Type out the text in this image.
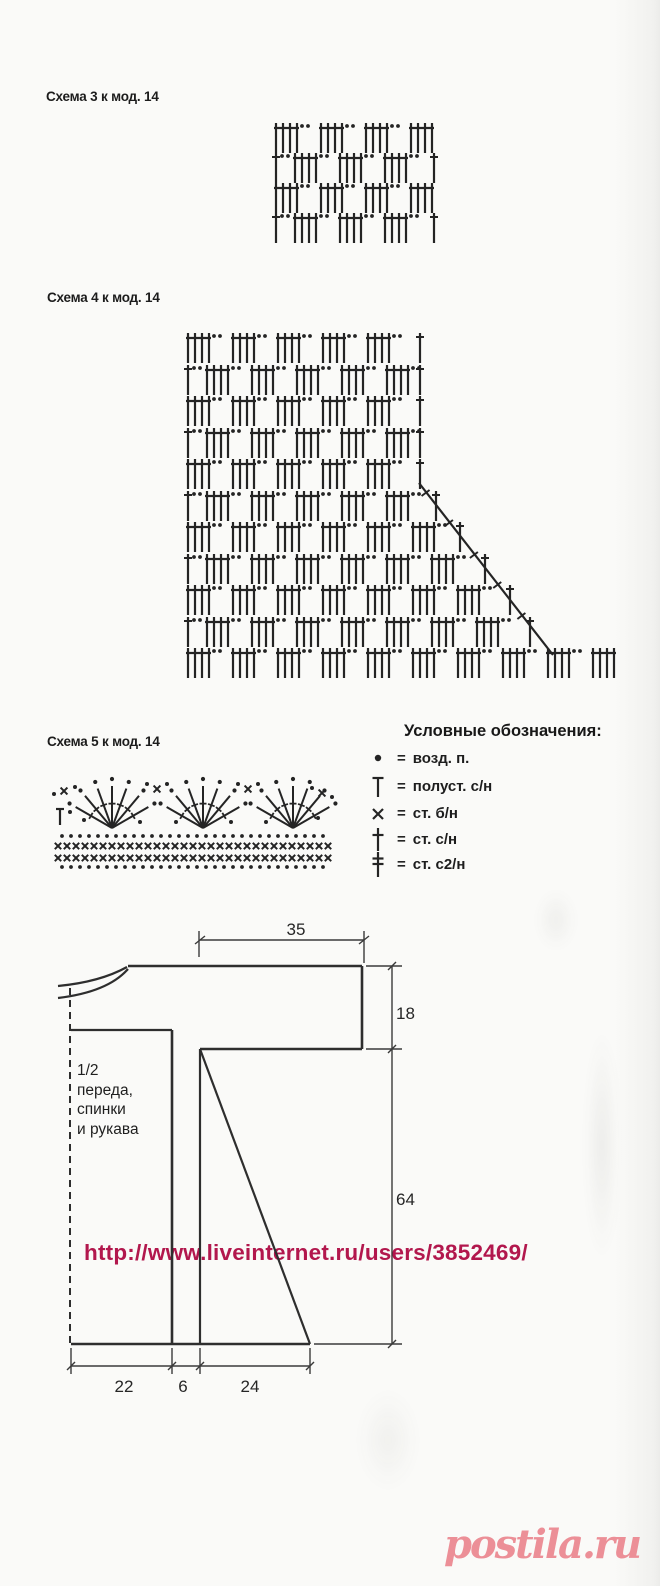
http://www.liveinternet.ru/users/3852469/
35
18
64
22	6	24
Схема 3 к мод. 14
Схема 4 к мод. 14
Схема 5 к мод. 14
Условные обозначения:
= возд. п.
= полуст. с/н
= ст. б/н
= ст. с/н
= ст. с2/н
1/2
переда,
спинки
и рукава
postila.ru
